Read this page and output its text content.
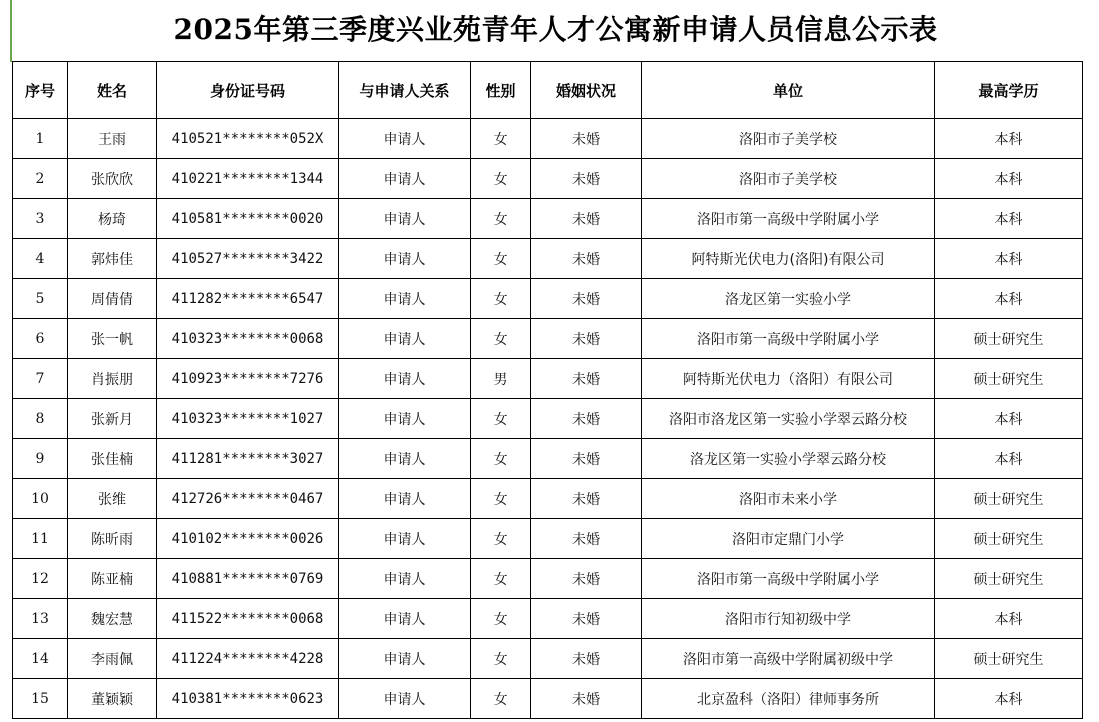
2025年第三季度兴业苑青年人才公寓新申请人员信息公示表
序号	姓名	身份证号码	与申请人关系	性别	婚姻状况	单位	最高学历
1	王雨	410521********052X	申请人	女	未婚	洛阳市子美学校	本科
2	张欣欣	410221********1344	申请人	女	未婚	洛阳市子美学校	本科
3	杨琦	410581********0020	申请人	女	未婚	洛阳市第一高级中学附属小学	本科
4	郭炜佳	410527********3422	申请人	女	未婚	阿特斯光伏电力(洛阳)有限公司	本科
5	周倩倩	411282********6547	申请人	女	未婚	洛龙区第一实验小学	本科
6	张一帆	410323********0068	申请人	女	未婚	洛阳市第一高级中学附属小学	硕士研究生
7	肖振朋	410923********7276	申请人	男	未婚	阿特斯光伏电力（洛阳）有限公司	硕士研究生
8	张新月	410323********1027	申请人	女	未婚	洛阳市洛龙区第一实验小学翠云路分校	本科
9	张佳楠	411281********3027	申请人	女	未婚	洛龙区第一实验小学翠云路分校	本科
10	张维	412726********0467	申请人	女	未婚	洛阳市未来小学	硕士研究生
11	陈昕雨	410102********0026	申请人	女	未婚	洛阳市定鼎门小学	硕士研究生
12	陈亚楠	410881********0769	申请人	女	未婚	洛阳市第一高级中学附属小学	硕士研究生
13	魏宏慧	411522********0068	申请人	女	未婚	洛阳市行知初级中学	本科
14	李雨佩	411224********4228	申请人	女	未婚	洛阳市第一高级中学附属初级中学	硕士研究生
15	董颖颖	410381********0623	申请人	女	未婚	北京盈科（洛阳）律师事务所	本科
